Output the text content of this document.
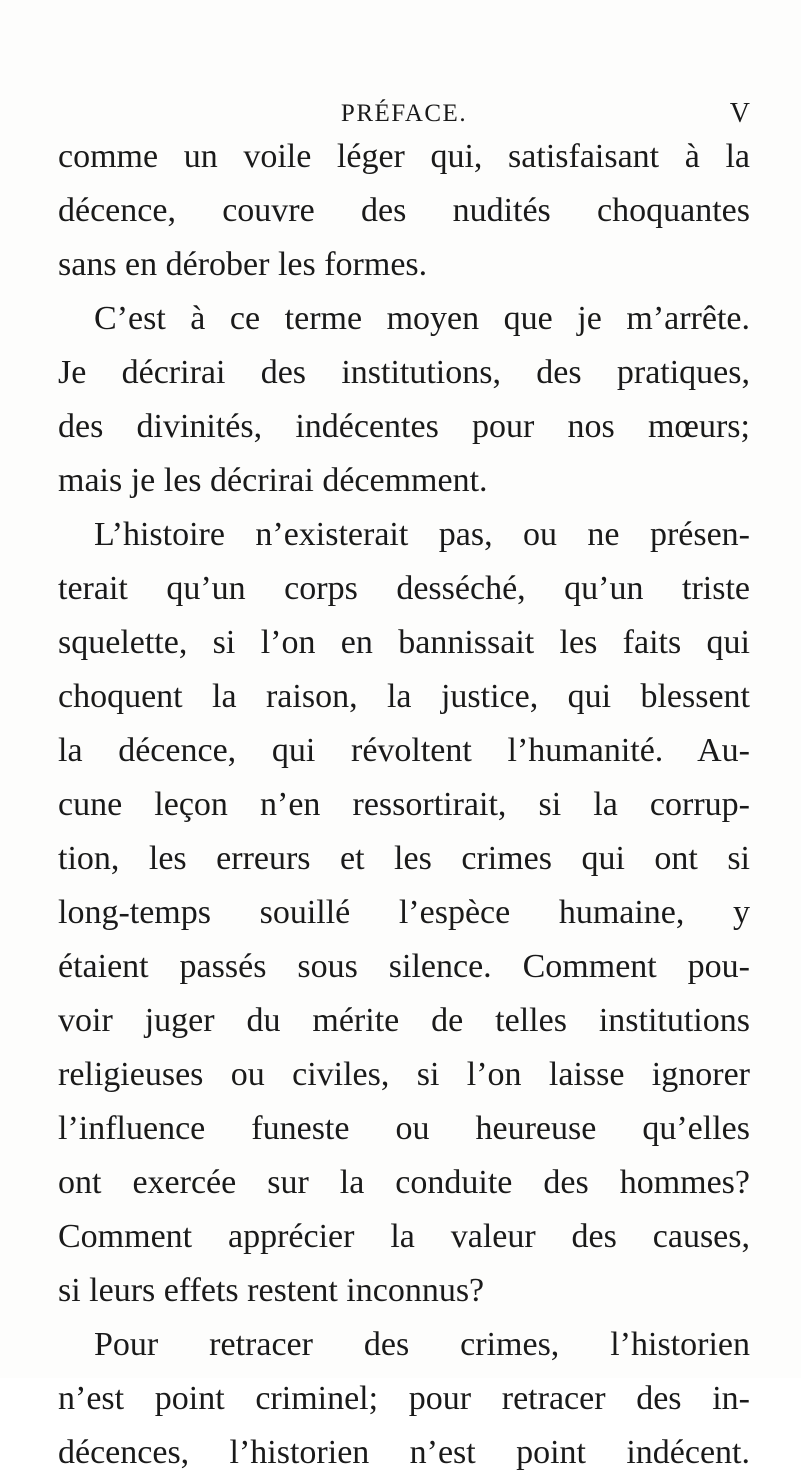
PRÉFACE.	V
comme un voile léger qui, satisfaisant à la
décence, couvre des nudités choquantes
sans en dérober les formes.
C’est à ce terme moyen que je m’arrête.
Je décrirai des institutions, des pratiques,
des divinités, indécentes pour nos mœurs;
mais je les décrirai décemment.
L’histoire n’existerait pas, ou ne présen-
terait qu’un corps desséché, qu’un triste
squelette, si l’on en bannissait les faits qui
choquent la raison, la justice, qui blessent
la décence, qui révoltent l’humanité. Au-
cune leçon n’en ressortirait, si la corrup-
tion, les erreurs et les crimes qui ont si
long-temps souillé l’espèce humaine, y
étaient passés sous silence. Comment pou-
voir juger du mérite de telles institutions
religieuses ou civiles, si l’on laisse ignorer
l’influence funeste ou heureuse qu’elles
ont exercée sur la conduite des hommes?
Comment apprécier la valeur des causes,
si leurs effets restent inconnus?
Pour retracer des crimes, l’historien
n’est point criminel; pour retracer des in-
décences, l’historien n’est point indécent.
